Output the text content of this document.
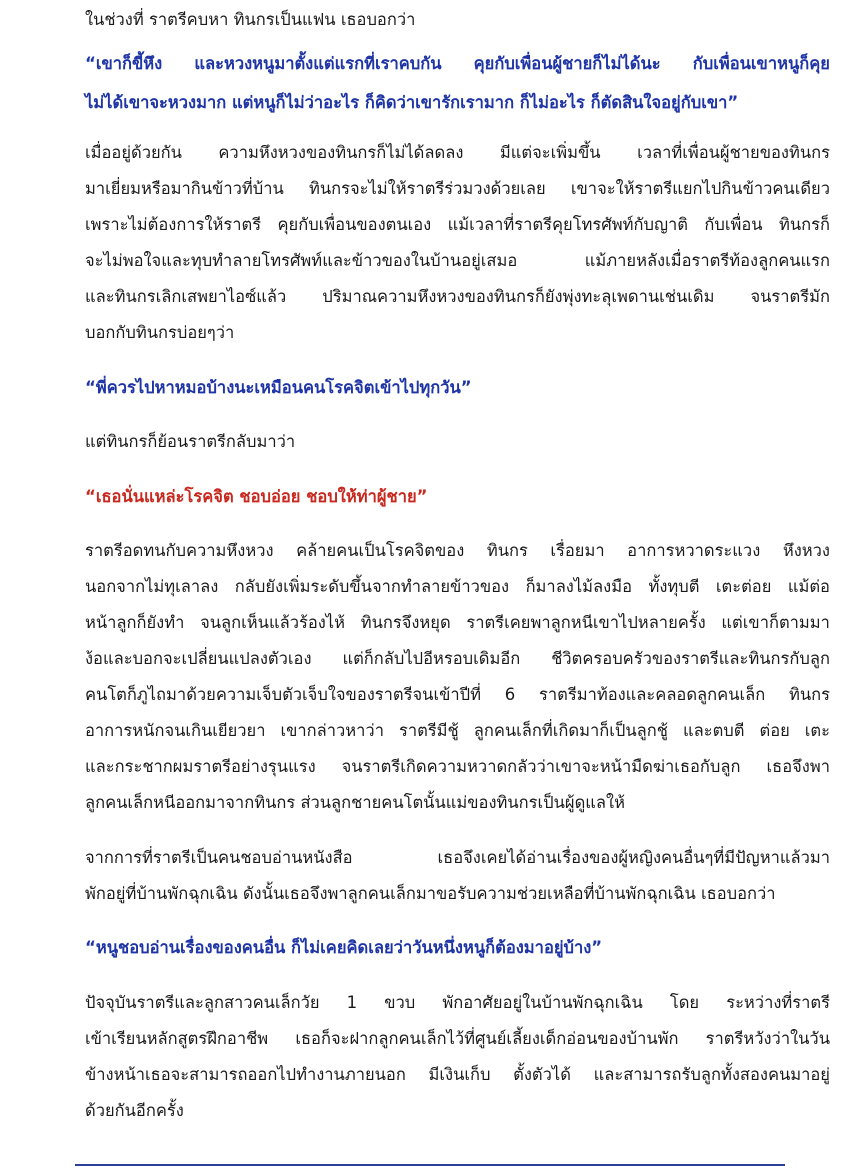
ในช่วงที่ ราตรีคบหา ทินกรเป็นแฟน เธอบอกว่า
“เขาก็ขี้หึง และหวงหนูมาตั้งแต่แรกที่เราคบกัน คุยกับเพื่อนผู้ชายก็ไม่ได้นะ กับเพื่อนเขาหนูก็คุย
ไม่ได้เขาจะหวงมาก แต่หนูก็ไม่ว่าอะไร ก็คิดว่าเขารักเรามาก ก็ไม่อะไร ก็ตัดสินใจอยู่กับเขา”
เมื่ออยู่ด้วยกัน ความหึงหวงของทินกรก็ไม่ได้ลดลง มีแต่จะเพิ่มขึ้น เวลาที่เพื่อนผู้ชายของทินกร
มาเยี่ยมหรือมากินข้าวที่บ้าน ทินกรจะไม่ให้ราตรีร่วมวงด้วยเลย เขาจะให้ราตรีแยกไปกินข้าวคนเดียว
เพราะไม่ต้องการให้ราตรี คุยกับเพื่อนของตนเอง แม้เวลาที่ราตรีคุยโทรศัพท์กับญาติ กับเพื่อน ทินกรก็
จะไม่พอใจและทุบทำลายโทรศัพท์และข้าวของในบ้านอยู่เสมอ	แม้ภายหลังเมื่อราตรีท้องลูกคนแรก
และทินกรเลิกเสพยาไอซ์แล้ว ปริมาณความหึงหวงของทินกรก็ยังพุ่งทะลุเพดานเช่นเดิม จนราตรีมัก
บอกกับทินกรบ่อยๆว่า
“พี่ควรไปหาหมอบ้างนะเหมือนคนโรคจิตเข้าไปทุกวัน”
แต่ทินกรก็ย้อนราตรีกลับมาว่า
“เธอนั่นแหล่ะโรคจิต ชอบอ่อย ชอบให้ท่าผู้ชาย”
ราตรีอดทนกับความหึงหวง คล้ายคนเป็นโรคจิตของ ทินกร เรื่อยมา อาการหวาดระแวง หึงหวง
นอกจากไม่ทุเลาลง กลับยังเพิ่มระดับขึ้นจากทำลายข้าวของ ก็มาลงไม้ลงมือ ทั้งทุบตี เตะต่อย แม้ต่อ
หน้าลูกก็ยังทำ จนลูกเห็นแล้วร้องไห้ ทินกรจึงหยุด ราตรีเคยพาลูกหนีเขาไปหลายครั้ง แต่เขาก็ตามมา
ง้อและบอกจะเปลี่ยนแปลงตัวเอง แต่ก็กลับไปอีหรอบเดิมอีก ชีวิตครอบครัวของราตรีและทินกรกับลูก
คนโตก็ภูไถมาด้วยความเจ็บตัวเจ็บใจของราตรีจนเข้าปีที่ 6 ราตรีมาท้องและคลอดลูกคนเล็ก ทินกร
อาการหนักจนเกินเยียวยา เขากล่าวหาว่า ราตรีมีชู้ ลูกคนเล็กที่เกิดมาก็เป็นลูกชู้ และตบตี ต่อย เตะ
และกระชากผมราตรีอย่างรุนแรง จนราตรีเกิดความหวาดกลัวว่าเขาจะหน้ามืดฆ่าเธอกับลูก เธอจึงพา
ลูกคนเล็กหนีออกมาจากทินกร ส่วนลูกชายคนโตนั้นแม่ของทินกรเป็นผู้ดูแลให้
จากการที่ราตรีเป็นคนชอบอ่านหนังสือ	เธอจึงเคยได้อ่านเรื่องของผู้หญิงคนอื่นๆที่มีปัญหาแล้วมา
พักอยู่ที่บ้านพักฉุกเฉิน ดังนั้นเธอจึงพาลูกคนเล็กมาขอรับความช่วยเหลือที่บ้านพักฉุกเฉิน เธอบอกว่า
“หนูชอบอ่านเรื่องของคนอื่น ก็ไม่เคยคิดเลยว่าวันหนึ่งหนูก็ต้องมาอยู่บ้าง”
ปัจจุบันราตรีและลูกสาวคนเล็กวัย 1 ขวบ พักอาศัยอยู่ในบ้านพักฉุกเฉิน โดย ระหว่างที่ราตรี
เข้าเรียนหลักสูตรฝึกอาชีพ เธอก็จะฝากลูกคนเล็กไว้ที่ศูนย์เลี้ยงเด็กอ่อนของบ้านพัก ราตรีหวังว่าในวัน
ข้างหน้าเธอจะสามารถออกไปทำงานภายนอก มีเงินเก็บ ตั้งตัวได้ และสามารถรับลูกทั้งสองคนมาอยู่
ด้วยกันอีกครั้ง
